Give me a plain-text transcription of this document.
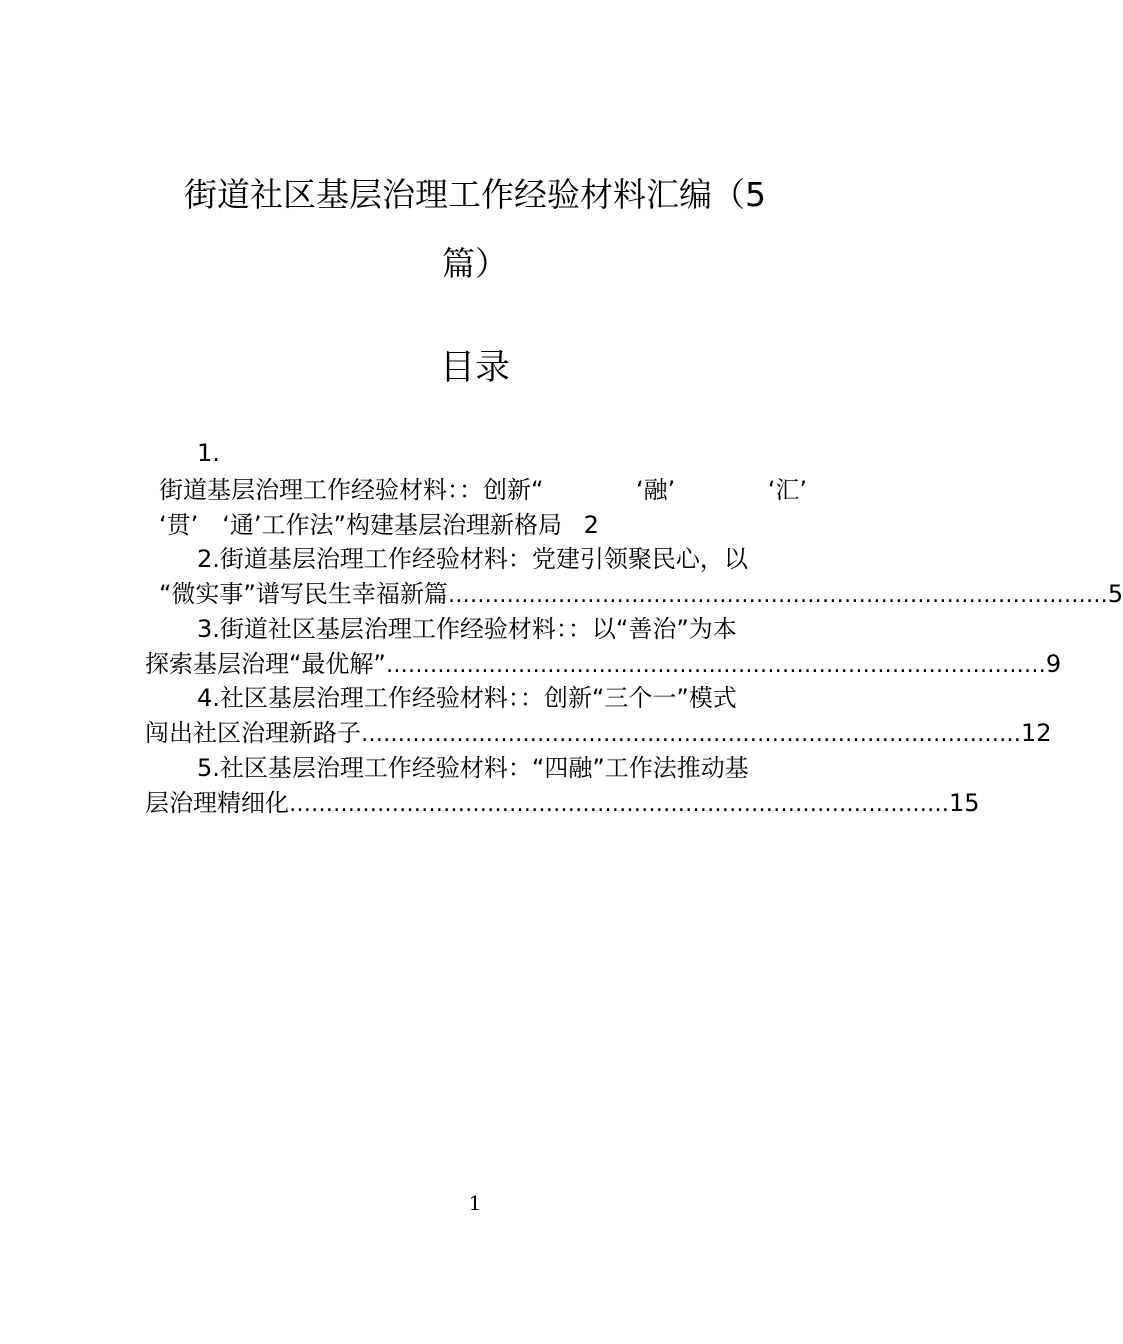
街道社区基层治理工作经验材料汇编（5
篇）
目录
1.
街道基层治理工作经验材料：：创新“	‘融’	‘汇’
‘贯’　‘通’工作法”构建基层治理新格局 2
2.街道基层治理工作经验材料：党建引领聚民心，以
“微实事”谱写民生幸福新篇 ……………………………………………………………………………… 5
3.街道社区基层治理工作经验材料：：以“善治”为本
探索基层治理“最优解” ……………………………………………………………………………… 9
4.社区基层治理工作经验材料：：创新“三个一”模式
闯出社区治理新路子 ……………………………………………………………………………… 12
5.社区基层治理工作经验材料：“四融”工作法推动基
层治理精细化 ……………………………………………………………………………… 15
1
